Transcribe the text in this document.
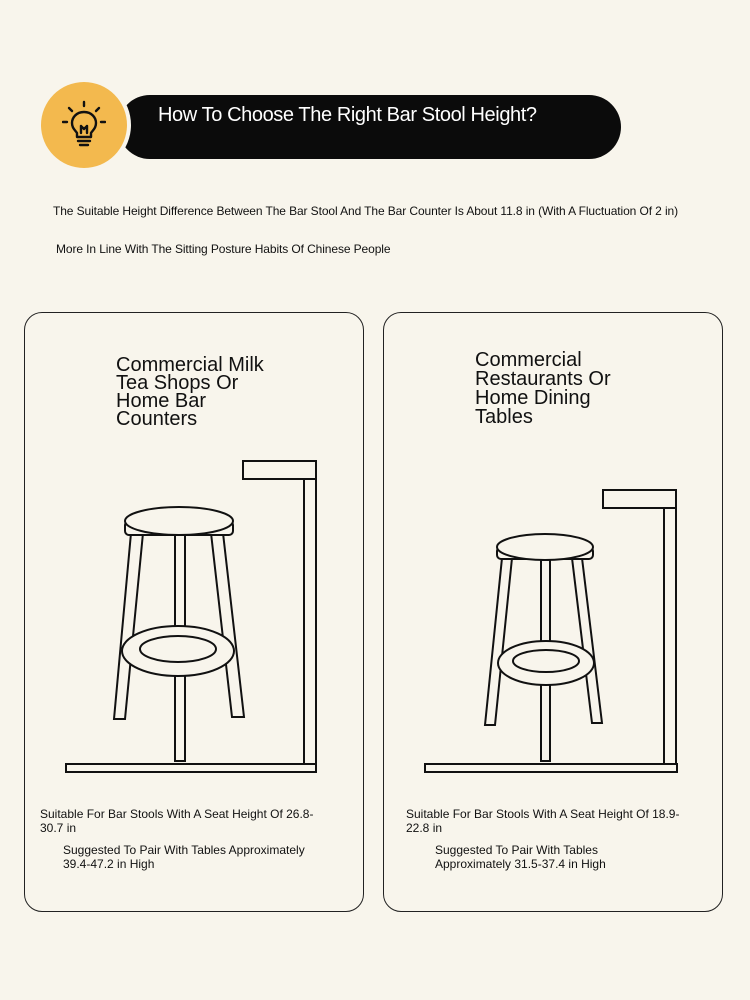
How To Choose The Right Bar Stool Height?
The Suitable Height Difference Between The Bar Stool And The Bar Counter Is About 11.8 in (With A Fluctuation Of 2 in)
More In Line With The Sitting Posture Habits Of Chinese People
Commercial Milk Tea Shops Or Home Bar Counters
Suitable For Bar Stools With A Seat Height Of 26.8-30.7 in
Suggested To Pair With Tables Approximately 39.4-47.2 in High
Commercial Restaurants Or Home Dining Tables
Suitable For Bar Stools With A Seat Height Of 18.9-22.8 in
Suggested To Pair With Tables Approximately 31.5-37.4 in High
